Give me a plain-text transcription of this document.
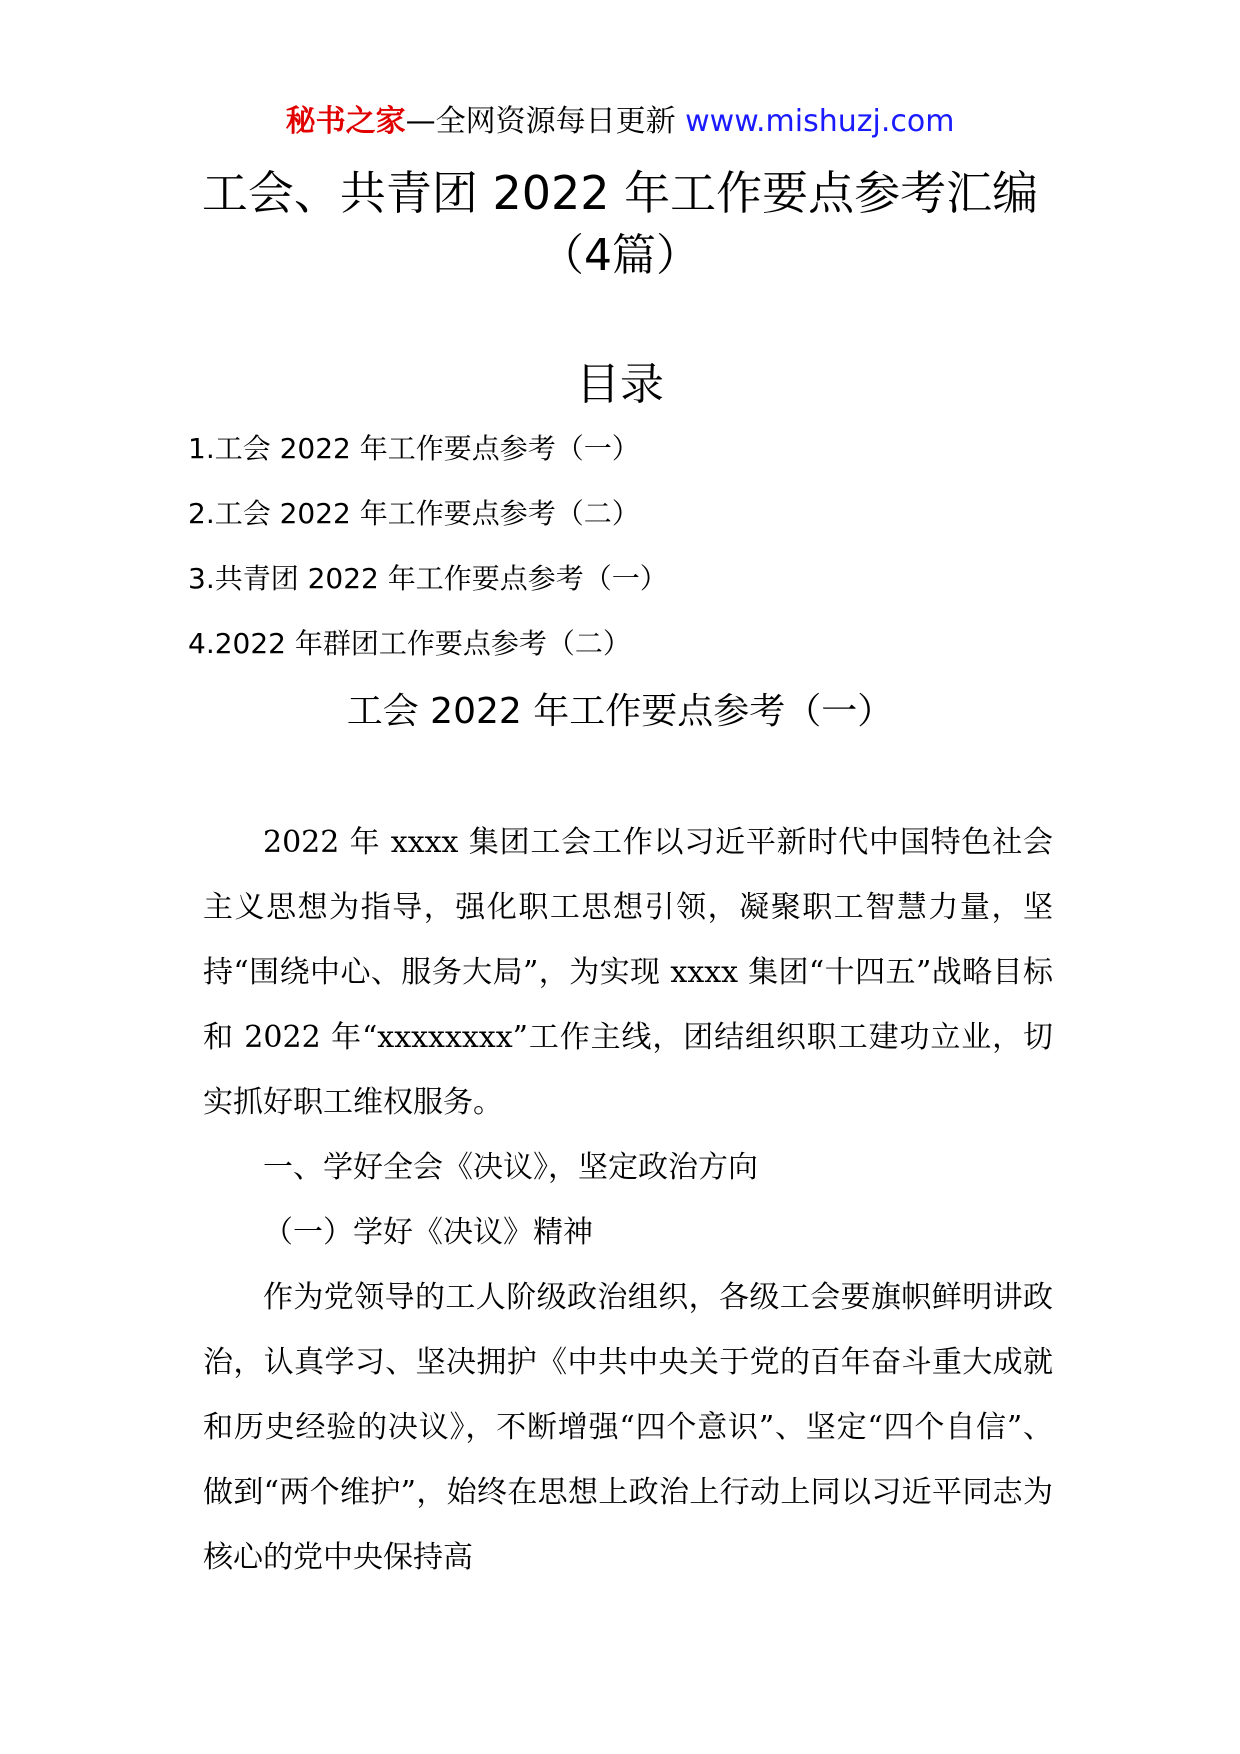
秘书之家—全网资源每日更新 www.mishuzj.com
工会、共青团 2022 年工作要点参考汇编
（4篇）
目录
1.工会 2022 年工作要点参考（一）
2.工会 2022 年工作要点参考（二）
3.共青团 2022 年工作要点参考（一）
4.2022 年群团工作要点参考（二）
工会 2022 年工作要点参考（一）

2022 年 xxxx 集团工会工作以习近平新时代中国特色社会主义思想为指导，强化职工思想引领，凝聚职工智慧力量，坚持“围绕中心、服务大局”，为实现 xxxx 集团“十四五”战略目标和 2022 年“xxxxxxxx”工作主线，团结组织职工建功立业，切实抓好职工维权服务。

一、学好全会《决议》，坚定政治方向

（一）学好《决议》精神

作为党领导的工人阶级政治组织，各级工会要旗帜鲜明讲政治，认真学习、坚决拥护《中共中央关于党的百年奋斗重大成就和历史经验的决议》，不断增强“四个意识”、坚定“四个自信”、做到“两个维护”，始终在思想上政治上行动上同以习近平同志为核心的党中央保持高
